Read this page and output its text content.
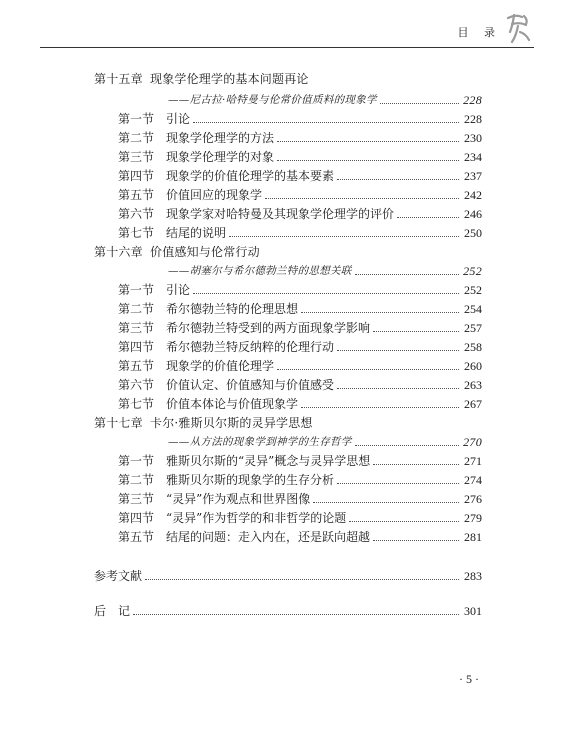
目 录
第十五章 现象学伦理学的基本问题再论
——尼古拉·哈特曼与伦常价值质料的现象学	228
第一节 引论	228
第二节 现象学伦理学的方法	230
第三节 现象学伦理学的对象	234
第四节 现象学的价值伦理学的基本要素	237
第五节 价值回应的现象学	242
第六节 现象学家对哈特曼及其现象学伦理学的评价	246
第七节 结尾的说明	250
第十六章 价值感知与伦常行动
——胡塞尔与希尔德勃兰特的思想关联	252
第一节 引论	252
第二节 希尔德勃兰特的伦理思想	254
第三节 希尔德勃兰特受到的两方面现象学影响	257
第四节 希尔德勃兰特反纳粹的伦理行动	258
第五节 现象学的价值伦理学	260
第六节 价值认定、价值感知与价值感受	263
第七节 价值本体论与价值现象学	267
第十七章 卡尔·雅斯贝尔斯的灵异学思想
——从方法的现象学到神学的生存哲学	270
第一节 雅斯贝尔斯的“灵异”概念与灵异学思想	271
第二节 雅斯贝尔斯的现象学的生存分析	274
第三节 “灵异”作为观点和世界图像	276
第四节 “灵异”作为哲学的和非哲学的论题	279
第五节 结尾的问题：走入内在，还是跃向超越	281
参考文献	283
后　记	301
· 5 ·
